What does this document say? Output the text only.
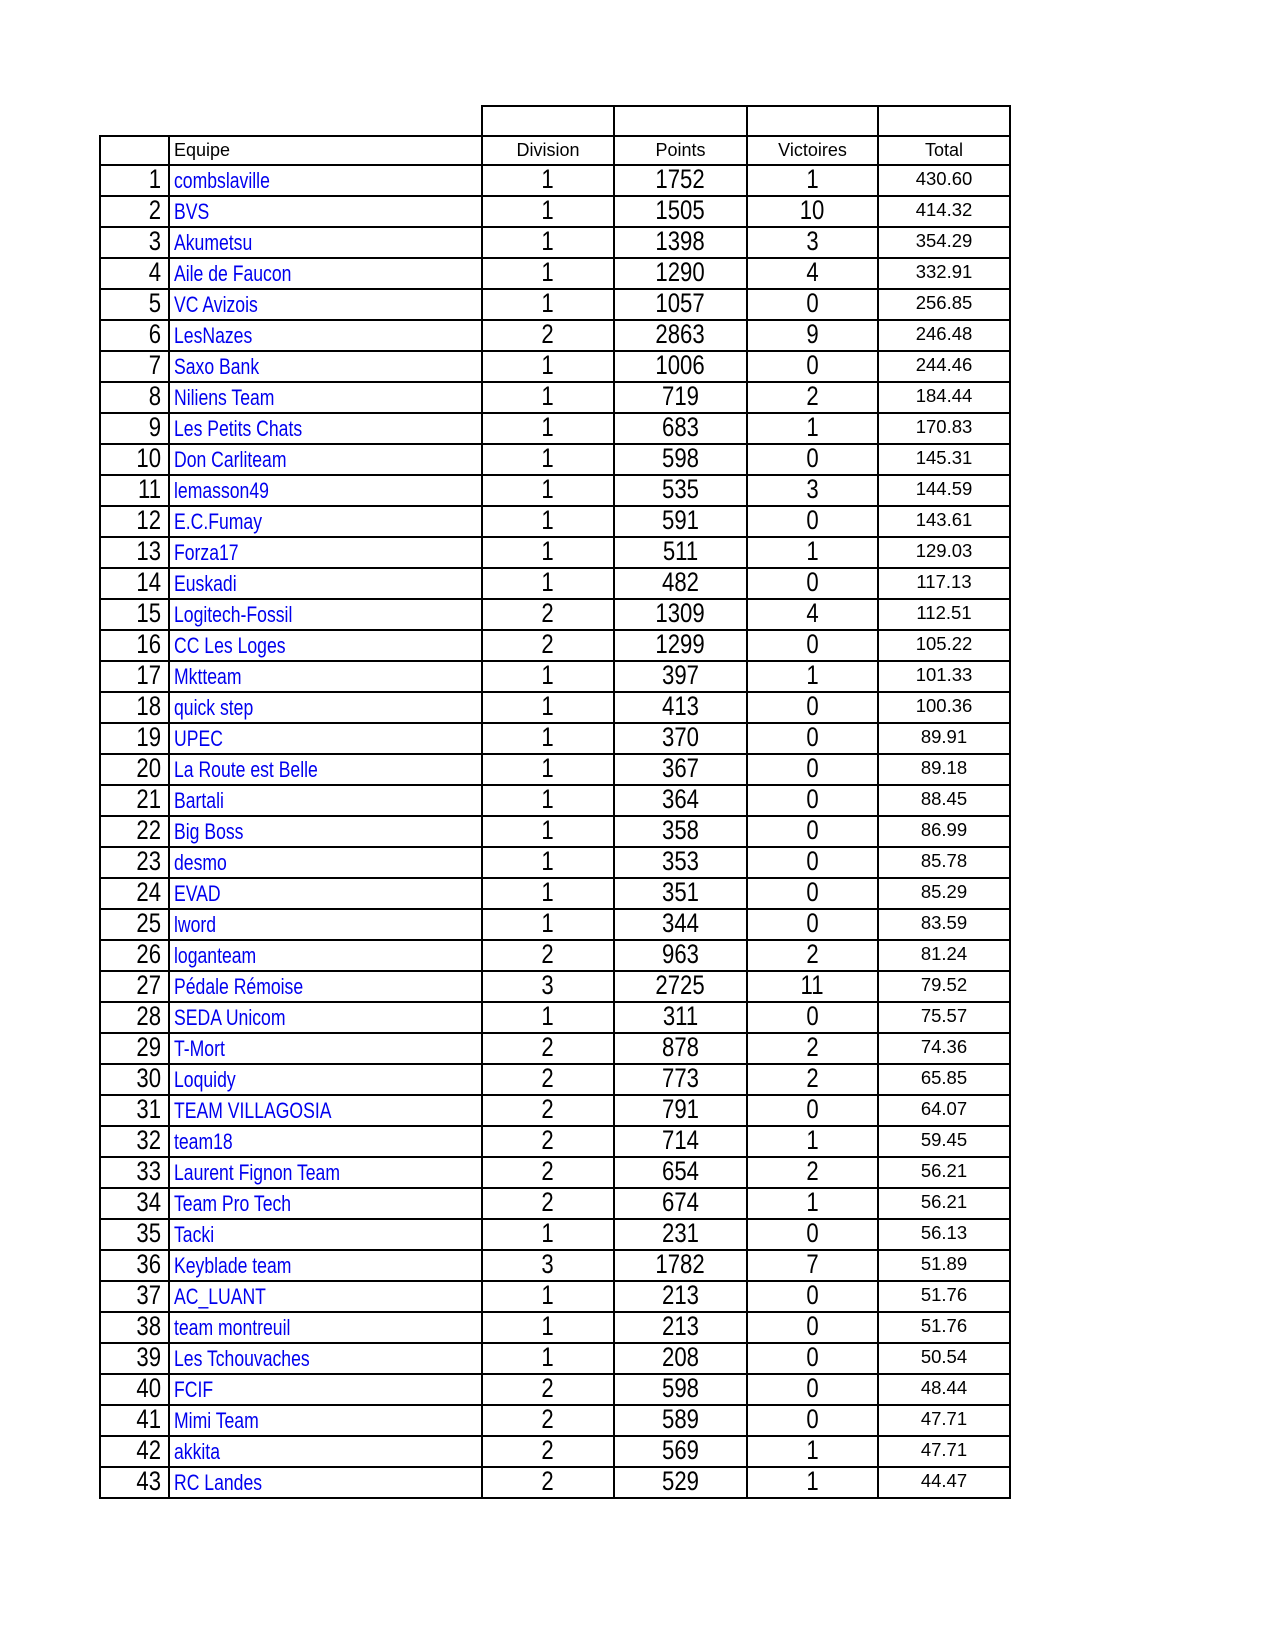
	Equipe	Division	Points	Victoires	Total
1	combslaville	1	1752	1	430.60
2	BVS	1	1505	10	414.32
3	Akumetsu	1	1398	3	354.29
4	Aile de Faucon	1	1290	4	332.91
5	VC Avizois	1	1057	0	256.85
6	LesNazes	2	2863	9	246.48
7	Saxo Bank	1	1006	0	244.46
8	Niliens Team	1	719	2	184.44
9	Les Petits Chats	1	683	1	170.83
10	Don Carliteam	1	598	0	145.31
11	lemasson49	1	535	3	144.59
12	E.C.Fumay	1	591	0	143.61
13	Forza17	1	511	1	129.03
14	Euskadi	1	482	0	117.13
15	Logitech-Fossil	2	1309	4	112.51
16	CC Les Loges	2	1299	0	105.22
17	Mktteam	1	397	1	101.33
18	quick step	1	413	0	100.36
19	UPEC	1	370	0	89.91
20	La Route est Belle	1	367	0	89.18
21	Bartali	1	364	0	88.45
22	Big Boss	1	358	0	86.99
23	desmo	1	353	0	85.78
24	EVAD	1	351	0	85.29
25	lword	1	344	0	83.59
26	loganteam	2	963	2	81.24
27	Pédale Rémoise	3	2725	11	79.52
28	SEDA Unicom	1	311	0	75.57
29	T-Mort	2	878	2	74.36
30	Loquidy	2	773	2	65.85
31	TEAM VILLAGOSIA	2	791	0	64.07
32	team18	2	714	1	59.45
33	Laurent Fignon Team	2	654	2	56.21
34	Team Pro Tech	2	674	1	56.21
35	Tacki	1	231	0	56.13
36	Keyblade team	3	1782	7	51.89
37	AC_LUANT	1	213	0	51.76
38	team montreuil	1	213	0	51.76
39	Les Tchouvaches	1	208	0	50.54
40	FCIF	2	598	0	48.44
41	Mimi Team	2	589	0	47.71
42	akkita	2	569	1	47.71
43	RC Landes	2	529	1	44.47
